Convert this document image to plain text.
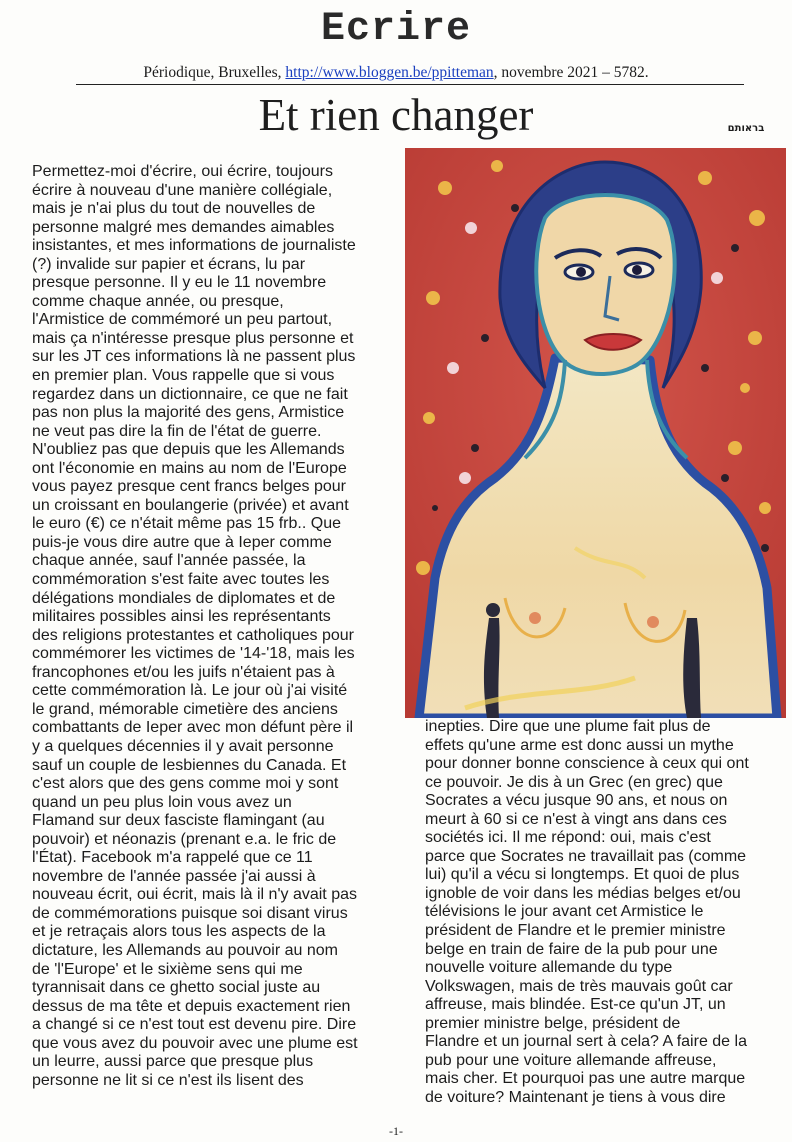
Ecrire
Périodique, Bruxelles, http://www.bloggen.be/ppitteman, novembre 2021 – 5782.
Et rien changer	בראותם
Permettez-moi d'écrire, oui écrire, toujours
écrire à nouveau d'une manière collégiale,
mais je n'ai plus du tout de nouvelles de
personne malgré mes demandes aimables
insistantes, et mes informations de journaliste
(?) invalide sur papier et écrans, lu par
presque personne. Il y eu le 11 novembre
comme chaque année, ou presque,
l'Armistice de commémoré un peu partout,
mais ça n'intéresse presque plus personne et
sur les JT ces informations là ne passent plus
en premier plan. Vous rappelle que si vous
regardez dans un dictionnaire, ce que ne fait
pas non plus la majorité des gens, Armistice
ne veut pas dire la fin de l'état de guerre.
N'oubliez pas que depuis que les Allemands
ont l'économie en mains au nom de l'Europe
vous payez presque cent francs belges pour
un croissant en boulangerie (privée) et avant
le euro (€) ce n'était même pas 15 frb.. Que
puis-je vous dire autre que à Ieper comme
chaque année, sauf l'année passée, la
commémoration s'est faite avec toutes les
délégations mondiales de diplomates et de
militaires possibles ainsi les représentants
des religions protestantes et catholiques pour
commémorer les victimes de '14-'18, mais les
francophones et/ou les juifs n'étaient pas à
cette commémoration là. Le jour où j'ai visité
le grand, mémorable cimetière des anciens
combattants de Ieper avec mon défunt père il
y a quelques décennies il y avait personne
sauf un couple de lesbiennes du Canada. Et
c'est alors que des gens comme moi y sont
quand un peu plus loin vous avez un
Flamand sur deux fasciste flamingant (au
pouvoir) et néonazis (prenant e.a. le fric de
l'État). Facebook m'a rappelé que ce 11
novembre de l'année passée j'ai aussi à
nouveau écrit, oui écrit, mais là il n'y avait pas
de commémorations puisque soi disant virus
et je retraçais alors tous les aspects de la
dictature, les Allemands au pouvoir au nom
de 'l'Europe' et le sixième sens qui me
tyrannisait dans ce ghetto social juste au
dessus de ma tête et depuis exactement rien
a changé si ce n'est tout est devenu pire. Dire
que vous avez du pouvoir avec une plume est
un leurre, aussi parce que presque plus
personne ne lit si ce n'est ils lisent des
inepties. Dire que une plume fait plus de
effets qu'une arme est donc aussi un mythe
pour donner bonne conscience à ceux qui ont
ce pouvoir. Je dis à un Grec (en grec) que
Socrates a vécu jusque 90 ans, et nous on
meurt à 60 si ce n'est à vingt ans dans ces
sociétés ici. Il me répond: oui, mais c'est
parce que Socrates ne travaillait pas (comme
lui) qu'il a vécu si longtemps. Et quoi de plus
ignoble de voir dans les médias belges et/ou
télévisions le jour avant cet Armistice le
président de Flandre et le premier ministre
belge en train de faire de la pub pour une
nouvelle voiture allemande du type
Volkswagen, mais de très mauvais goût car
affreuse, mais blindée. Est-ce qu'un JT, un
premier ministre belge, président de
Flandre et un journal sert à cela? A faire de la
pub pour une voiture allemande affreuse,
mais cher. Et pourquoi pas une autre marque
de voiture? Maintenant je tiens à vous dire
-1-
